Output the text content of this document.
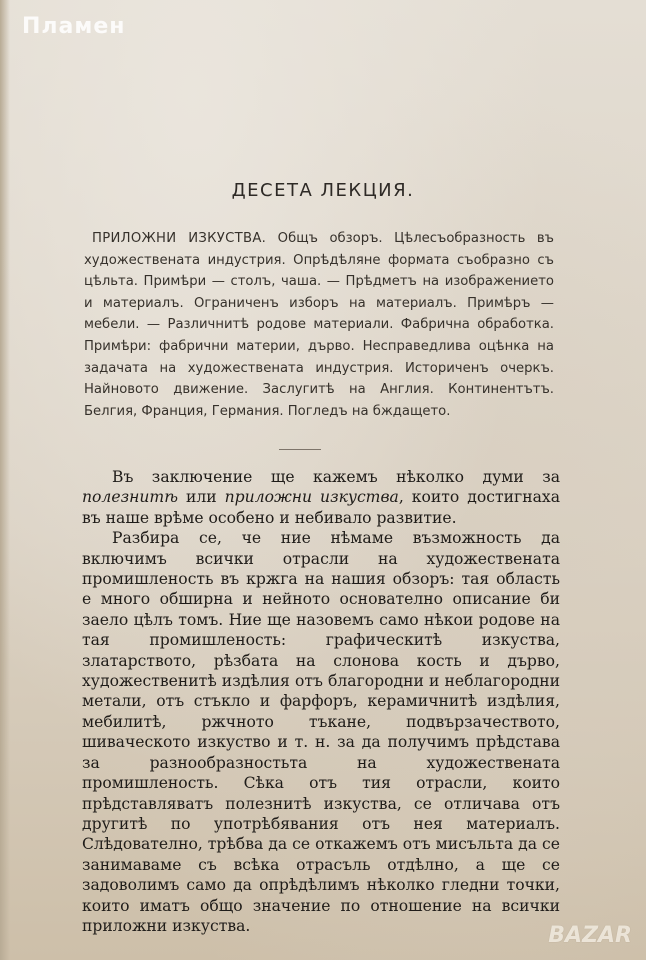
Пламен
ДЕСЕТА ЛЕКЦИЯ.
ПРИЛОЖНИ ИЗКУСТВА. Общъ обзоръ. Цѣлесъобразность въ художествената индустрия. Опрѣдѣляне формата съобразно съ цѣльта. Примѣри — столъ, чаша. — Прѣдметъ на изображението и материалъ. Ограниченъ изборъ на материалъ. Примѣръ — мебели. — Различнитѣ родове материали. Фабрична обработка. Примѣри: фабрични материи, дърво. Несправедлива оцѣнка на задачата на художествената индустрия. Историченъ очеркъ. Найновото движение. Заслугитѣ на Англия. Континентътъ. Белгия, Франция, Германия. Погледъ на бждащето.

Въ заключение ще кажемъ нѣколко думи за полезнитѣ или приложни изкуства, които достигнаха въ наше врѣме особено и небивало развитие.

Разбира се, че ние нѣмаме възможность да включимъ всички отрасли на художествената промишленость въ кржга на нашия обзоръ: тая область е много обширна и нейното основателно описание би заело цѣлъ томъ. Ние ще назовемъ само нѣкои родове на тая промишленость: графическитѣ изкуства, златарството, рѣзбата на слонова кость и дърво, художественитѣ издѣлия отъ благородни и неблагородни метали, отъ стъкло и фарфоръ, керамичнитѣ издѣлия, мебилитѣ, ржчното тъкане, подвързачеството, шиваческото изкуство и т. н. за да получимъ прѣдстава за разнообразностьта на художествената промишленость. Сѣка отъ тия отрасли, които прѣдставляватъ полезнитѣ изкуства, се отличава отъ другитѣ по употрѣбявания отъ нея материалъ. Слѣдователно, трѣбва да се откажемъ отъ мисъльта да се занимаваме съ всѣка отрасъль отдѣлно, а ще се задоволимъ само да опрѣдѣлимъ нѣколко гледни точки, които иматъ общо значение по отношение на всички приложни изкуства.	BAZAR
